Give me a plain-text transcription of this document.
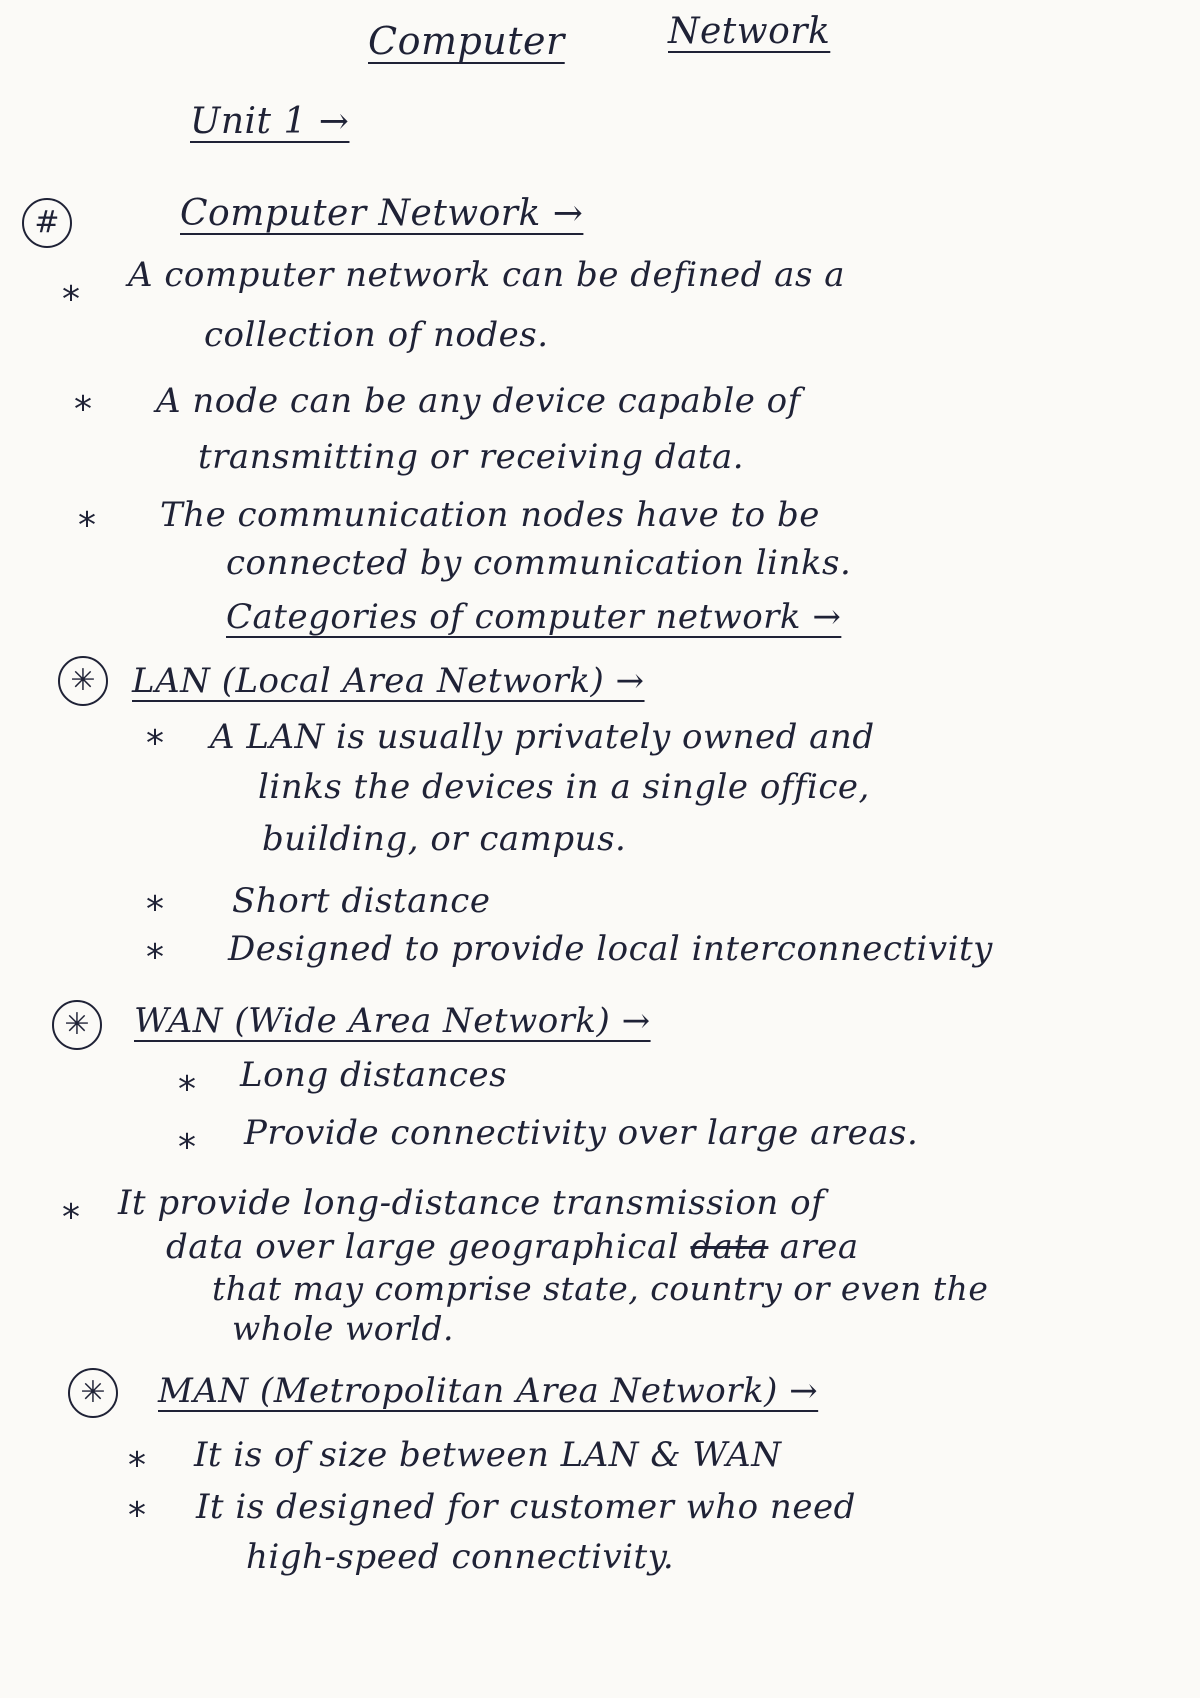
Computer	Network
Unit 1 →
#	Computer Network →
*
A computer network can be defined as a
collection of nodes.
* A node can be any device capable of
transmitting or receiving data.
* The communication nodes have to be
connected by communication links.
Categories of computer network →
✳ LAN (Local Area Network) →
* A LAN is usually privately owned and
links the devices in a single office,
building, or campus.
* Short distance
* Designed to provide local interconnectivity
✳ WAN (Wide Area Network) →
* Long distances
* Provide connectivity over large areas.
* It provide long-distance transmission of
data over large geographical data area
that may comprise state, country or even the
whole world.
✳ MAN (Metropolitan Area Network) →
* It is of size between LAN & WAN
* It is designed for customer who need
high-speed connectivity.
